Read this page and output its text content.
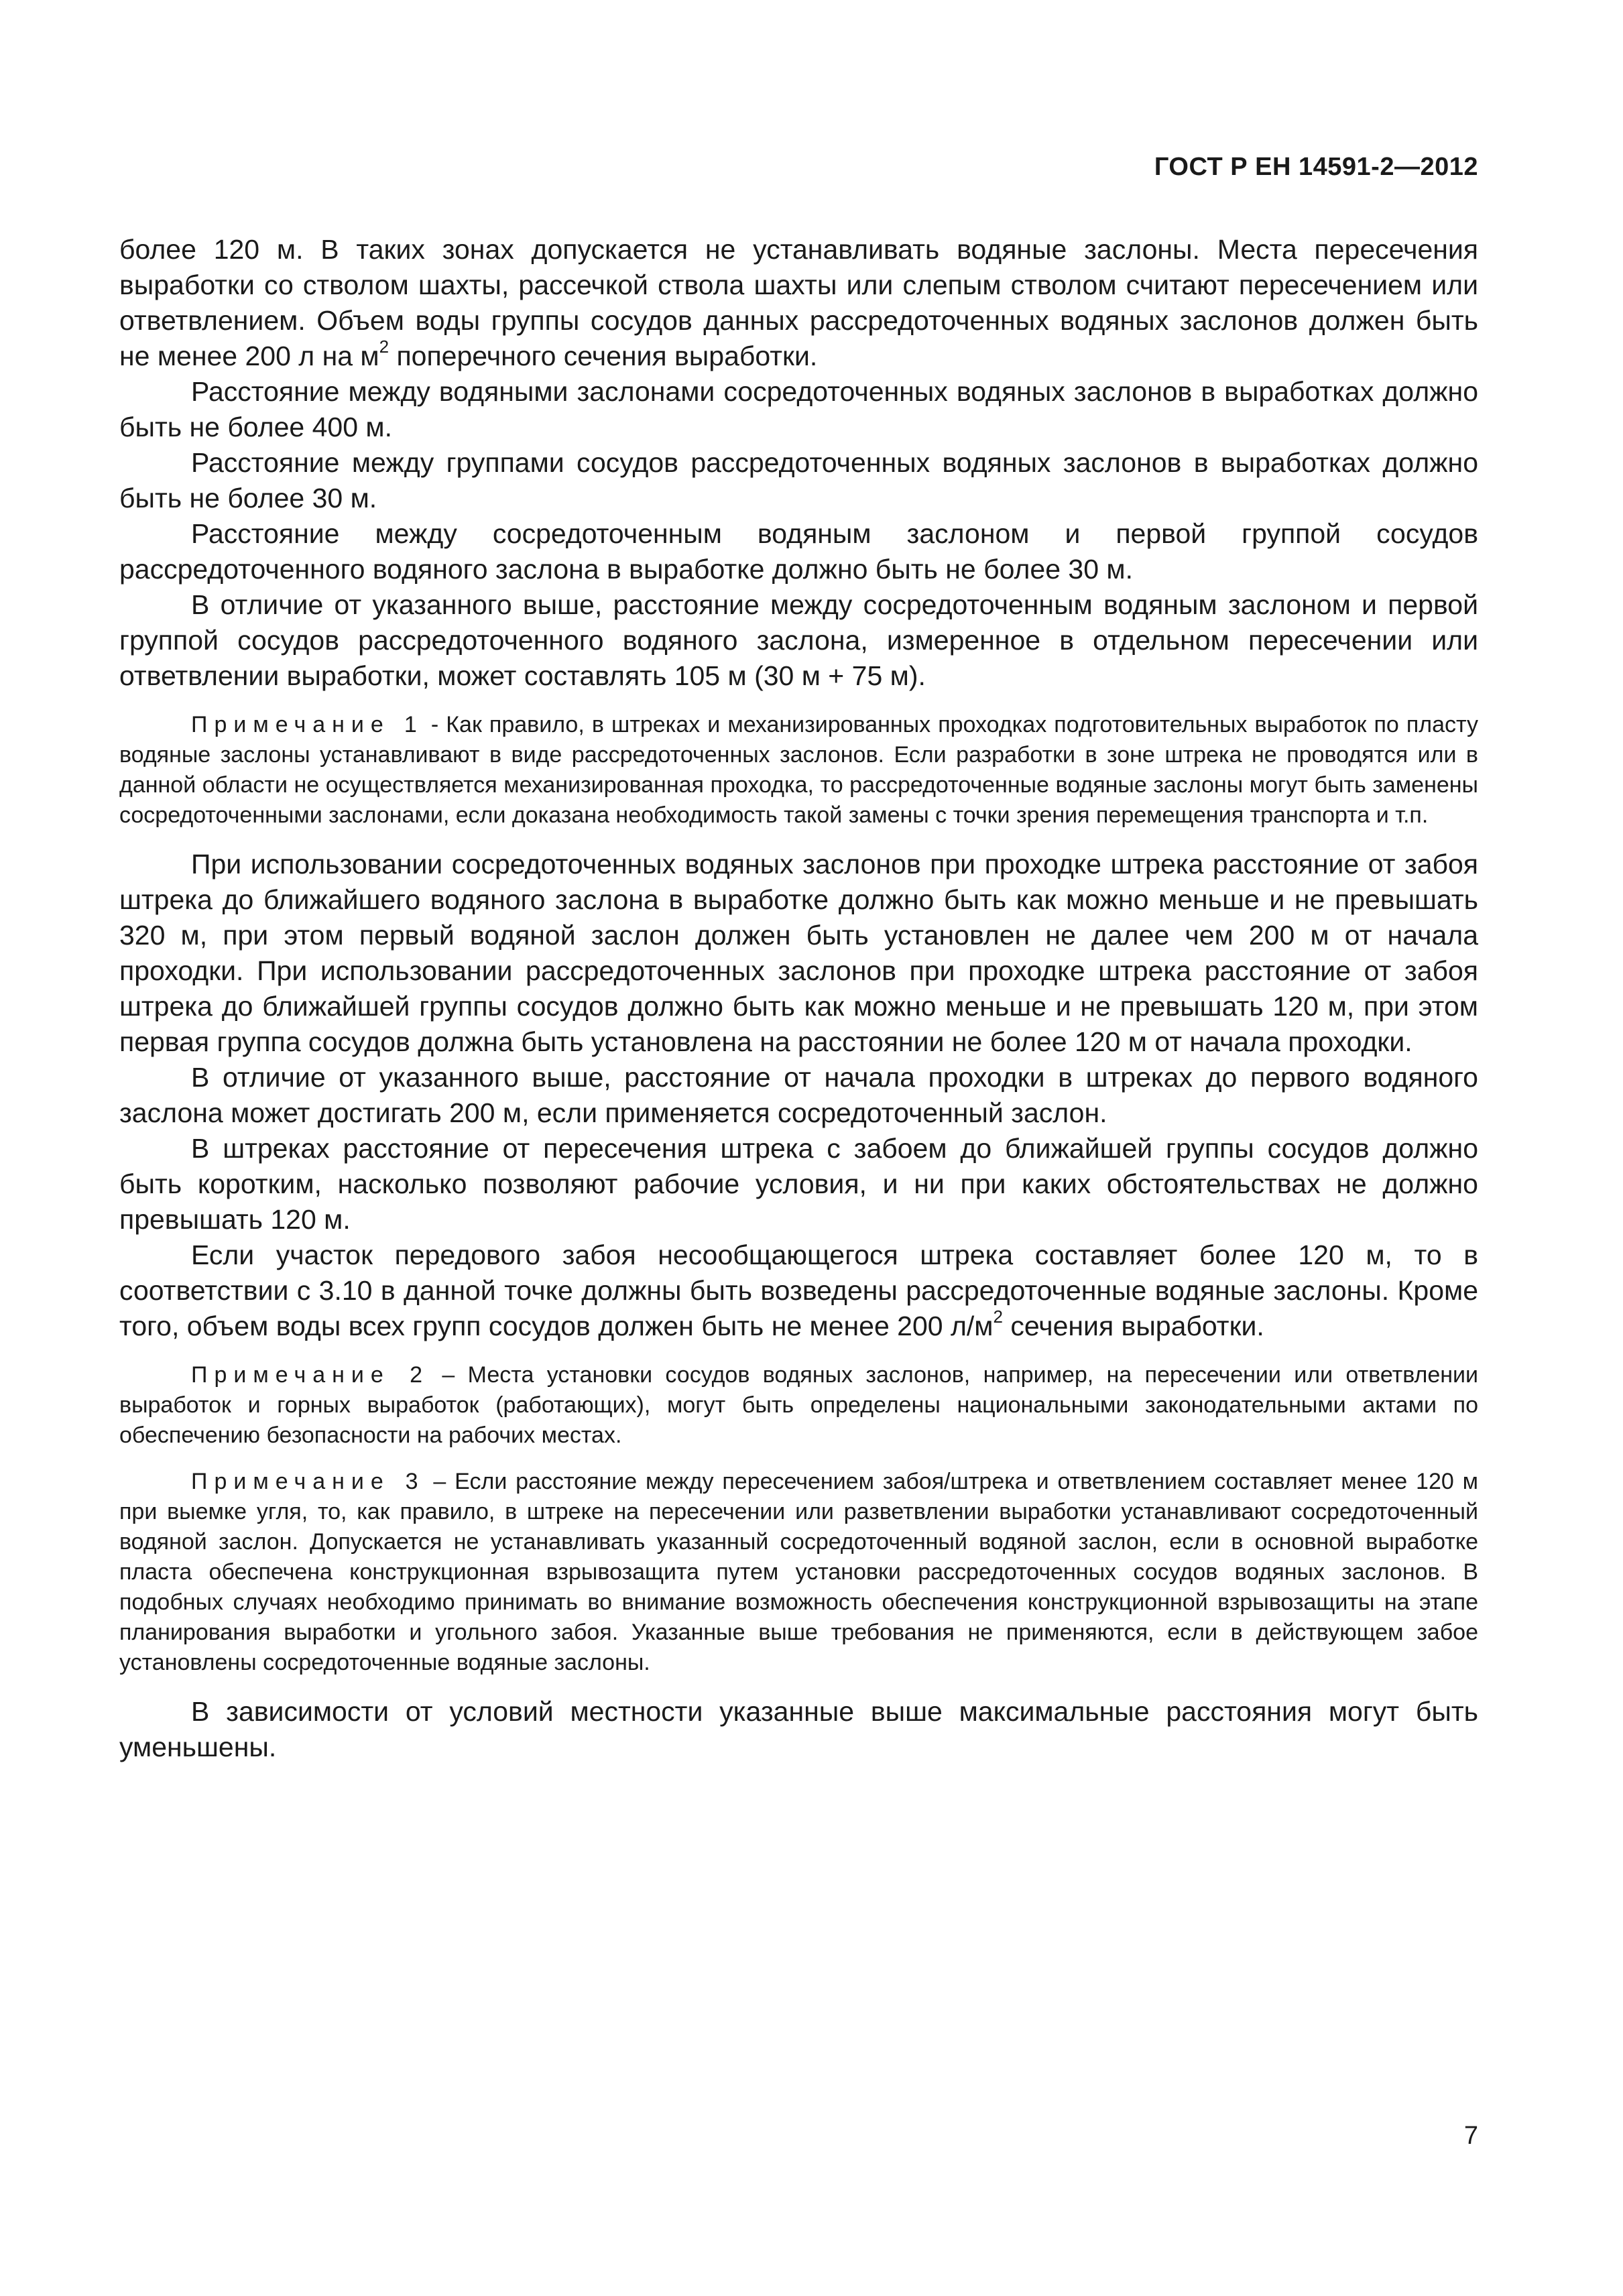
ГОСТ Р ЕН 14591-2—2012

более 120 м. В таких зонах допускается не устанавливать водяные заслоны. Места пересечения выработки со стволом шахты, рассечкой ствола шахты или слепым стволом считают пересечением или ответвлением. Объем воды группы сосудов данных рассредоточенных водяных заслонов должен быть не менее 200 л на $м^2$ поперечного сечения выработки.

Расстояние между водяными заслонами сосредоточенных водяных заслонов в выработках должно быть не более 400 м.

Расстояние между группами сосудов рассредоточенных водяных заслонов в выработках должно быть не более 30 м.

Расстояние между сосредоточенным водяным заслоном и первой группой сосудов рассредоточенного водяного заслона в выработке должно быть не более 30 м.

В отличие от указанного выше, расстояние между сосредоточенным водяным заслоном и первой группой сосудов рассредоточенного водяного заслона, измеренное в отдельном пересечении или ответвлении выработки, может составлять 105 м (30 м + 75 м).

Примечание 1 - Как правило, в штреках и механизированных проходках подготовительных выработок по пласту водяные заслоны устанавливают в виде рассредоточенных заслонов. Если разработки в зоне штрека не проводятся или в данной области не осуществляется механизированная проходка, то рассредоточенные водяные заслоны могут быть заменены сосредоточенными заслонами, если доказана необходимость такой замены с точки зрения перемещения транспорта и т.п.

При использовании сосредоточенных водяных заслонов при проходке штрека расстояние от забоя штрека до ближайшего водяного заслона в выработке должно быть как можно меньше и не превышать 320 м, при этом первый водяной заслон должен быть установлен не далее чем 200 м от начала проходки. При использовании рассредоточенных заслонов при проходке штрека расстояние от забоя штрека до ближайшей группы сосудов должно быть как можно меньше и не превышать 120 м, при этом первая группа сосудов должна быть установлена на расстоянии не более 120 м от начала проходки.

В отличие от указанного выше, расстояние от начала проходки в штреках до первого водяного заслона может достигать 200 м, если применяется сосредоточенный заслон.

В штреках расстояние от пересечения штрека с забоем до ближайшей группы сосудов должно быть коротким, насколько позволяют рабочие условия, и ни при каких обстоятельствах не должно превышать 120 м.

Если участок передового забоя несообщающегося штрека составляет более 120 м, то в соответствии с 3.10 в данной точке должны быть возведены рассредоточенные водяные заслоны. Кроме того, объем воды всех групп сосудов должен быть не менее 200 $л/м^2$ сечения выработки.

Примечание 2 – Места установки сосудов водяных заслонов, например, на пересечении или ответвлении выработок и горных выработок (работающих), могут быть определены национальными законодательными актами по обеспечению безопасности на рабочих местах.

Примечание 3 – Если расстояние между пересечением забоя/штрека и ответвлением составляет менее 120 м при выемке угля, то, как правило, в штреке на пересечении или разветвлении выработки устанавливают сосредоточенный водяной заслон. Допускается не устанавливать указанный сосредоточенный водяной заслон, если в основной выработке пласта обеспечена конструкционная взрывозащита путем установки рассредоточенных сосудов водяных заслонов. В подобных случаях необходимо принимать во внимание возможность обеспечения конструкционной взрывозащиты на этапе планирования выработки и угольного забоя. Указанные выше требования не применяются, если в действующем забое установлены сосредоточенные водяные заслоны.

В зависимости от условий местности указанные выше максимальные расстояния могут быть уменьшены.

7
